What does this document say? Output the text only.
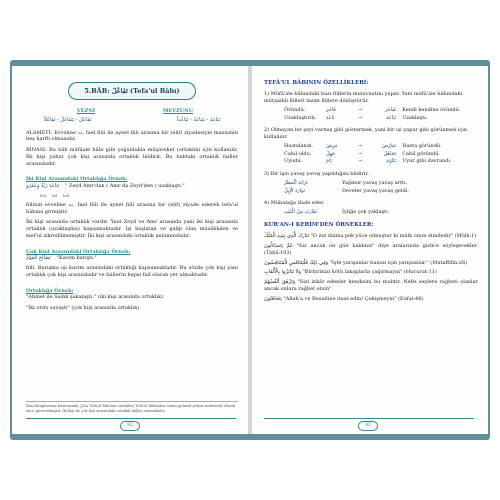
5.BÂB: تَفَاعُلَ (Tefa'ul Bâbı)
VEZNİ	MEVZUNU
تَفَاعَلَ - يَتَفَاعَلُ - تَفَاعُلاً	تَبَاعَدَ - يَتَبَاعَدُ - تَبَاعُداً

ALAMETİ: Evveline ت, fael fiili ile aynel fiili arasına bir (elif) ziyadesiyle mazisinin beş harfli olmasıdır.

BİNASI: Bu bâb müfâale bâbı gibi çoğunlukla müşareket (ortaklık) için kullanılır. İki kişi yahut çok kişi arasında ortaklık bildirir. Bu babtaki ortaklık failler arasındadır.

İki Kişi Arasındaki Ortaklığa Örnek:
تَبَاعَدَ زَيْدٌ وَعَمْرٌو " Zeyd Amr'dan ( Amr da Zeyd'den ) uzaklaştı."
fail fiil fail

fiilinin evveline ت, fael fiili ile aynel fiili arasına bir (elif) ziyade ederek tefa'ul bâbına girmiştir.

İki kişi arasında ortaklık vardır. Yani Zeyd ve Amr arasında yani iki kişi arasında ortaklık (uzaklaşma) kapsamaktadır. İşi başlatan ve galip olan müsâkkılen ve mef'ul zikredilmemiştir. İki kişi arasındaki ortaklık anlamındadır.

Çok Kişi Arasındaki Ortaklığa Örnek:
تَصَالَحَ الْقَوْمُ "Kavim barıştı."

fiili. Barışma işi kavim arasındaki ortaklığı kapsamaktadır. Bu sözde çok kişi yani ortaklık çok kişi arasındadır ve faillerin hepsi fail olarak yer almaktadır.

Ortaklığa Örnek:

"Ahmet ile Sadık şakalaştı." (iki kişi arasında ortaklık)

"İki ordu savaştı" (çok kişi arasında ortaklık)

Bazı kitaplarımız bazılarında تَفَاعُلَ Tefa'ul bâbının örnekleri Tefa'ul bâbından sonra gelmek yerine mütearrif olarak önce gösterilmiştir. İki kişi ile çok kişi arasındaki ortaklık failler arasındadır.
92
TEFÂ'UL BÂBININ ÖZELLİKLERİ:

1) Müfâ'ale bâbındaki bazı fiillerin mutavaatını yapar. Yani müfâ'ale bâbındaki mütaaddi fiilleri lazım fiillere dönüştürür.

Övündü.	فَاخَرَ	→	تَفَاخَرَ	Kendi kendine övündü.
Uzaklaştırdı.	بَاعَدَ	→	تَبَاعَدَ	Uzaklaştı.

2) Olmayan bir şeyi varmış gibi göstermek, yani bir işi yapar gibi görünmek için kullanılır.

Hastalandı.	مَرِضَ	→	تَمَارَضَ	Hasta göründü.
Cahil oldu.	جَهِلَ	→	تَجَاهَلَ	Cahil göründü.
Uyudu.	نَامَ	→	تَنَاوَمَ	Uyur gibi davrandı.

3) Bir işin yavaş yavaş yapıldığını bildirir.

تَزَايَدَ الْمَطَرُ	Yağmur yavaş yavaş arttı.
تَوَارَدَ الْإِبِلُ	Develer yavaş yavaş geldi.

4) Mübalağa ifade eder.

تَقَارَبَ مِنْ الْبَيْتِ	İyliğe çok yaklaştı.
KUR'AN-I KERİM'DEN ÖRNEKLER:

تَبَارَكَ الَّذِي بِيَدِهِ الْمُلْكُ "O zat daima pek yüce olmuştur ki mülk onun elindedir" (Mülk:1)

عَمَّ يَتَسَاءَلُونَ "Siz ancak on gün kaldınız" diye aralarında gizlice söyleşecekler. (Tâhâ:103)

وَفِي ذَلِكَ فَلْيَتَنَافَسِ الْمُتَنَافِسُونَ "İşte yarışanlar bunun için yarışsınlar." (Mutaffifin:26)

وَلَا تَنَابَزُوا بِالْأَلْقَابِ "Birbirinizi kötü lakaplarla çağırmayın" (Hucurat:11)

وَتَزْهَقَ أَنْفُسُهُمْ "Sizi inkâr edenler kendisini bu muhtir. Nefis seylere rağbeti olanlar ancak onlara rağbet etsin"

يَتَخَافَتُونَ "Allah'a ve Resulüne itaat edin! Çekişmeyin" (Enfal:46)

93
